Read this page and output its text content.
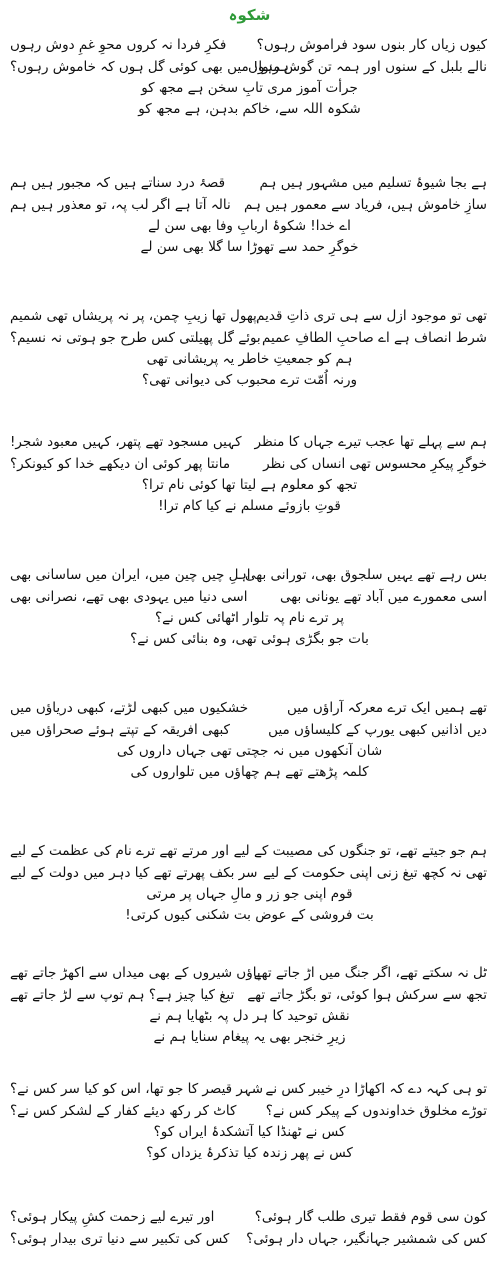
شکوہ
کیوں زیاں کار بنوں سود فراموش رہوں؟
فکرِ فردا نہ کروں محوِ غمِ دوش رہوں
نالے بلبل کے سنوں اور ہمہ تن گوش رہوں
ہمنوا! میں بھی کوئی گل ہوں کہ خاموش رہوں؟
جرأت آموز مری تابِ سخن ہے مجھ کو
شکوہ اللہ سے، خاکم بدہن، ہے مجھ کو
ہے بجا شیوۂ تسلیم میں مشہور ہیں ہم
قصۂ درد سناتے ہیں کہ مجبور ہیں ہم
سازِ خاموش ہیں، فریاد سے معمور ہیں ہم
نالہ آتا ہے اگر لب پہ، تو معذور ہیں ہم
اے خدا! شکوۂ اربابِ وفا بھی سن لے
خوگرِ حمد سے تھوڑا سا گلا بھی سن لے
تھی تو موجود ازل سے ہی تری ذاتِ قدیم
پھول تھا زیبِ چمن، پر نہ پریشاں تھی شمیم
شرط انصاف ہے اے صاحبِ الطافِ عمیم
بوئے گل پھیلتی کس طرح جو ہوتی نہ نسیم؟
ہم کو جمعیتِ خاطر یہ پریشانی تھی
ورنہ اُمّت ترے محبوب کی دیوانی تھی؟
ہم سے پہلے تھا عجب تیرے جہاں کا منظر
کہیں مسجود تھے پتھر، کہیں معبود شجر!
خوگرِ پیکرِ محسوس تھی انساں کی نظر
مانتا پھر کوئی ان دیکھے خدا کو کیونکر؟
تجھ کو معلوم ہے لیتا تھا کوئی نام ترا؟
قوتِ بازوئے مسلم نے کیا کام ترا!
بس رہے تھے یہیں سلجوق بھی، تورانی بھی
اہلِ چیں چین میں، ایران میں ساسانی بھی
اسی معمورے میں آباد تھے یونانی بھی
اسی دنیا میں یہودی بھی تھے، نصرانی بھی
پر ترے نام پہ تلوار اٹھائی کس نے؟
بات جو بگڑی ہوئی تھی، وہ بنائی کس نے؟
تھے ہمیں ایک ترے معرکہ آراؤں میں
خشکیوں میں کبھی لڑتے، کبھی دریاؤں میں
دیں اذانیں کبھی یورپ کے کلیساؤں میں
کبھی افریقہ کے تپتے ہوئے صحراؤں میں
شان آنکھوں میں نہ جچتی تھی جہاں داروں کی
کلمہ پڑھتے تھے ہم چھاؤں میں تلواروں کی
ہم جو جیتے تھے، تو جنگوں کی مصیبت کے لیے
اور مرتے تھے ترے نام کی عظمت کے لیے
تھی نہ کچھ تیغ زنی اپنی حکومت کے لیے
سر بکف پھرتے تھے کیا دہر میں دولت کے لیے
قوم اپنی جو زر و مالِ جہاں پر مرتی
بت فروشی کے عوض بت شکنی کیوں کرتی!
ٹل نہ سکتے تھے، اگر جنگ میں اڑ جاتے تھے
پاؤں شیروں کے بھی میداں سے اکھڑ جاتے تھے
تجھ سے سرکش ہوا کوئی، تو بگڑ جاتے تھے
تیغ کیا چیز ہے؟ ہم توپ سے لڑ جاتے تھے
نقش توحید کا ہر دل پہ بٹھایا ہم نے
زیرِ خنجر بھی یہ پیغام سنایا ہم نے
تو ہی کہہ دے کہ اکھاڑا درِ خیبر کس نے
شہر قیصر کا جو تھا، اس کو کیا سر کس نے؟
توڑے مخلوق خداوندوں کے پیکر کس نے؟
کاٹ کر رکھ دیئے کفار کے لشکر کس نے؟
کس نے ٹھنڈا کیا آتشکدۂ ایراں کو؟
کس نے پھر زندہ کیا تذکرۂ یزداں کو؟
کون سی قوم فقط تیری طلب گار ہوئی؟
اور تیرے لیے زحمت کشِ پیکار ہوئی؟
کس کی شمشیر جہانگیر، جہاں دار ہوئی؟
کس کی تکبیر سے دنیا تری بیدار ہوئی؟
